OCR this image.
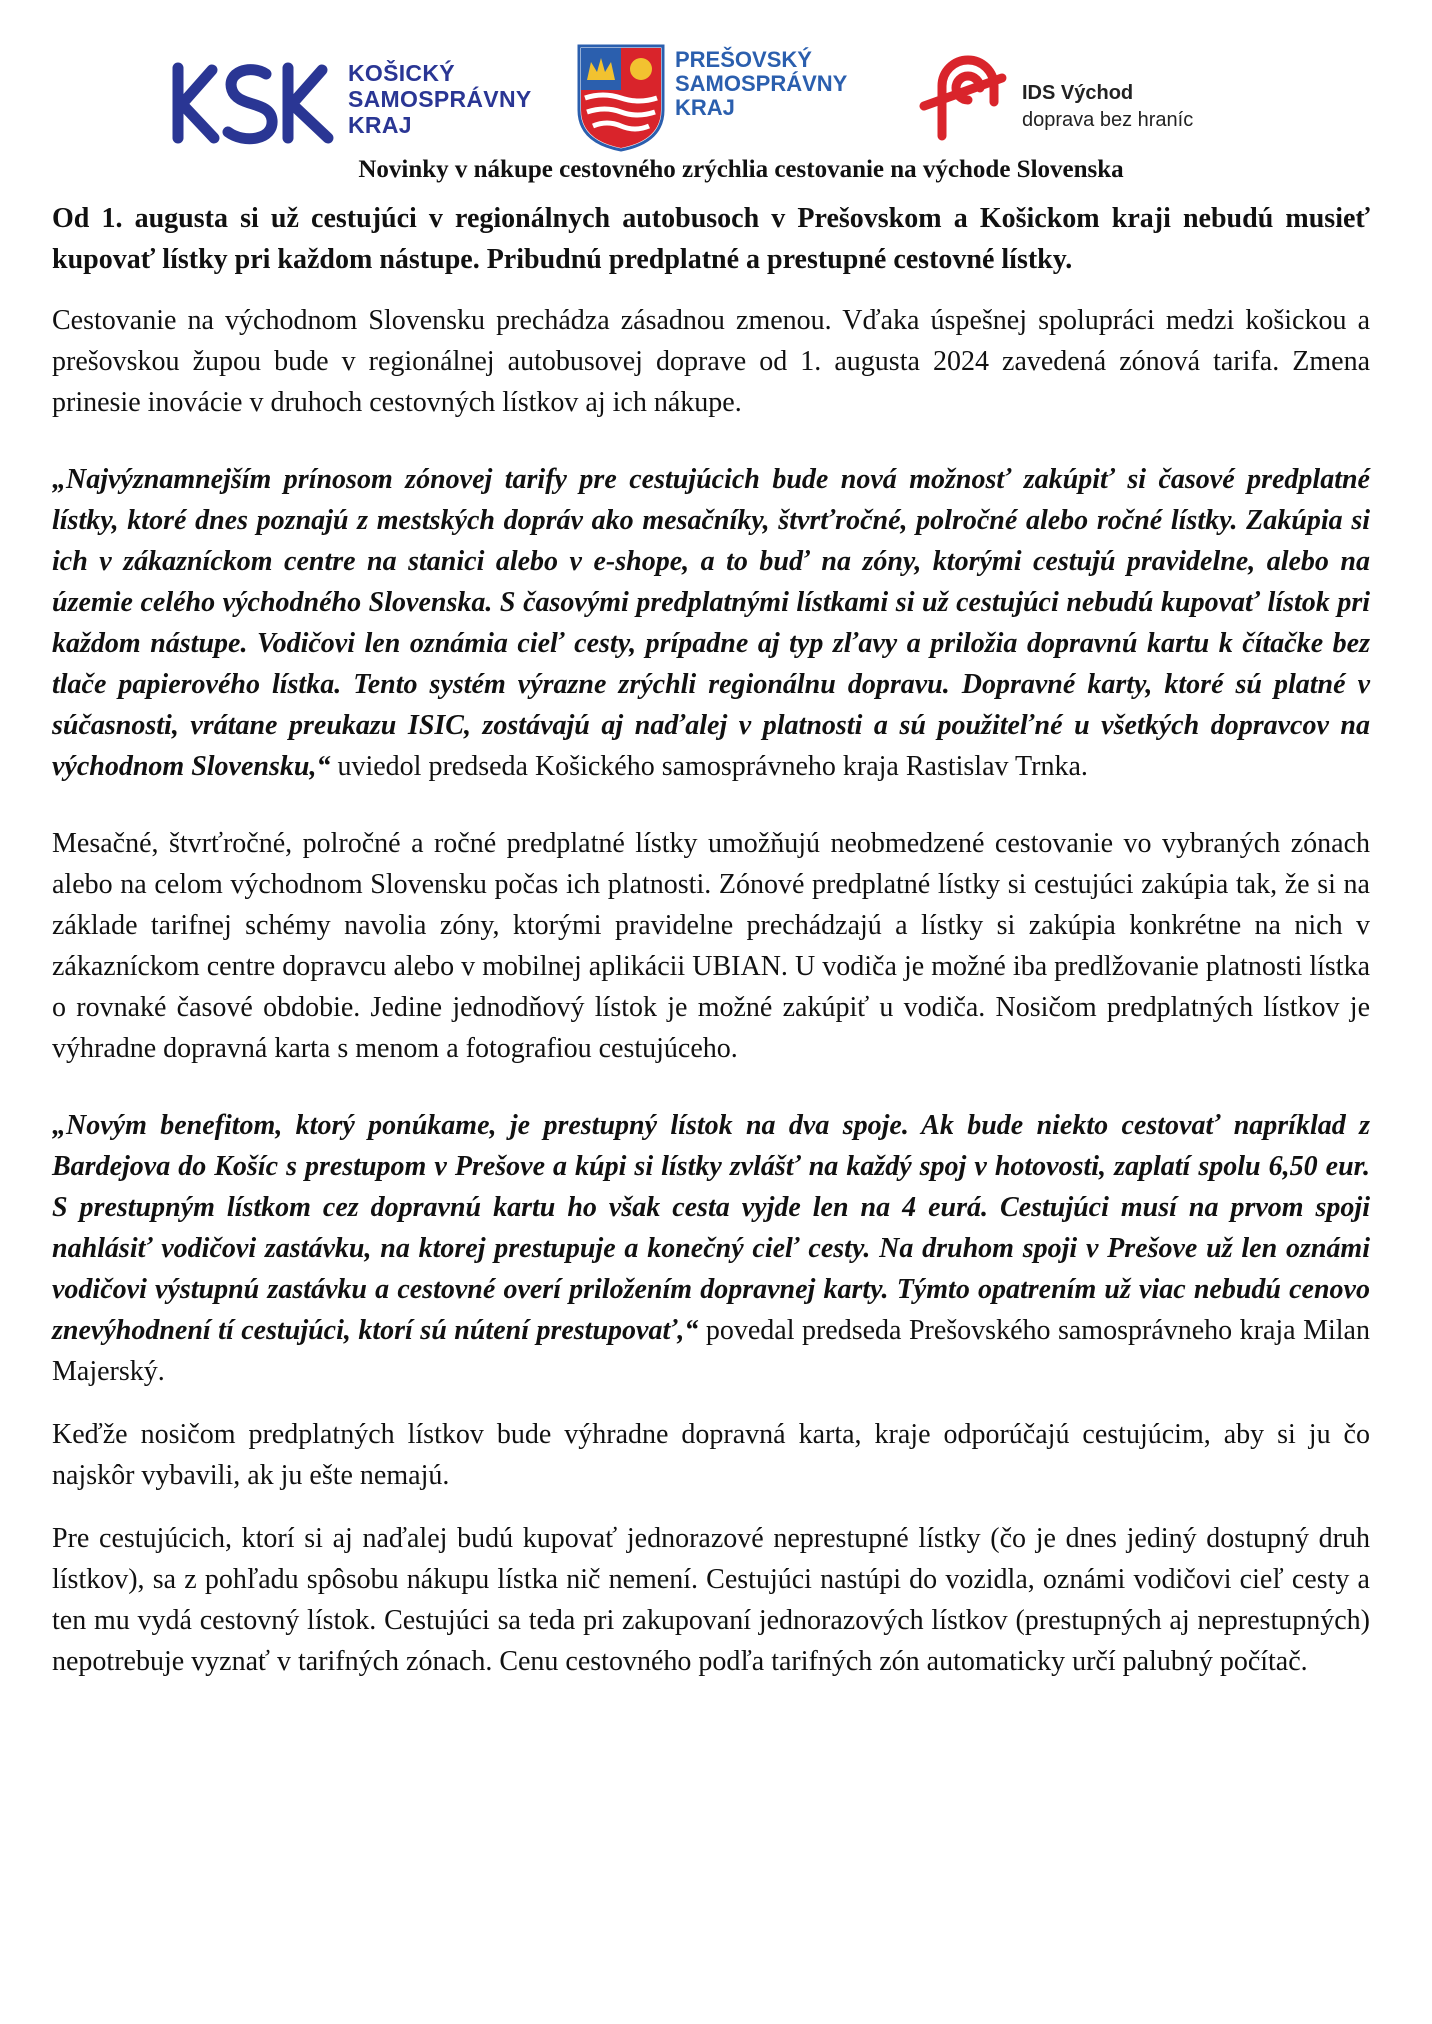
KOŠICKÝ
SAMOSPRÁVNY
KRAJ
PREŠOVSKÝ
SAMOSPRÁVNY
KRAJ
IDS Východ
doprava bez hraníc
Novinky v nákupe cestovného zrýchlia cestovanie na východe Slovenska
Od 1. augusta si už cestujúci v regionálnych autobusoch v Prešovskom a Košickom kraji nebudú musieť kupovať lístky pri každom nástupe. Pribudnú predplatné a prestupné cestovné lístky.
Cestovanie na východnom Slovensku prechádza zásadnou zmenou. Vďaka úspešnej spolupráci medzi košickou a prešovskou župou bude v regionálnej autobusovej doprave od 1. augusta 2024 zavedená zónová tarifa. Zmena prinesie inovácie v druhoch cestovných lístkov aj ich nákupe.
„Najvýznamnejším prínosom zónovej tarify pre cestujúcich bude nová možnosť zakúpiť si časové predplatné lístky, ktoré dnes poznajú z mestských dopráv ako mesačníky, štvrťročné, polročné alebo ročné lístky. Zakúpia si ich v zákazníckom centre na stanici alebo v e-shope, a to buď na zóny, ktorými cestujú pravidelne, alebo na územie celého východného Slovenska. S časovými predplatnými lístkami si už cestujúci nebudú kupovať lístok pri každom nástupe. Vodičovi len oznámia cieľ cesty, prípadne aj typ zľavy a priložia dopravnú kartu k čítačke bez tlače papierového lístka. Tento systém výrazne zrýchli regionálnu dopravu. Dopravné karty, ktoré sú platné v súčasnosti, vrátane preukazu ISIC, zostávajú aj naďalej v platnosti a sú použiteľné u všetkých dopravcov na východnom Slovensku,“ uviedol predseda Košického samosprávneho kraja Rastislav Trnka.
Mesačné, štvrťročné, polročné a ročné predplatné lístky umožňujú neobmedzené cestovanie vo vybraných zónach alebo na celom východnom Slovensku počas ich platnosti. Zónové predplatné lístky si cestujúci zakúpia tak, že si na základe tarifnej schémy navolia zóny, ktorými pravidelne prechádzajú a lístky si zakúpia konkrétne na nich v zákazníckom centre dopravcu alebo v mobilnej aplikácii UBIAN. U vodiča je možné iba predlžovanie platnosti lístka o rovnaké časové obdobie. Jedine jednodňový lístok je možné zakúpiť u vodiča. Nosičom predplatných lístkov je výhradne dopravná karta s menom a fotografiou cestujúceho.
„Novým benefitom, ktorý ponúkame, je prestupný lístok na dva spoje. Ak bude niekto cestovať napríklad z Bardejova do Košíc s prestupom v Prešove a kúpi si lístky zvlášť na každý spoj v hotovosti, zaplatí spolu 6,50 eur. S prestupným lístkom cez dopravnú kartu ho však cesta vyjde len na 4 eurá. Cestujúci musí na prvom spoji nahlásiť vodičovi zastávku, na ktorej prestupuje a konečný cieľ cesty. Na druhom spoji v Prešove už len oznámi vodičovi výstupnú zastávku a cestovné overí priložením dopravnej karty. Týmto opatrením už viac nebudú cenovo znevýhodnení tí cestujúci, ktorí sú nútení prestupovať,“ povedal predseda Prešovského samosprávneho kraja Milan Majerský.
Keďže nosičom predplatných lístkov bude výhradne dopravná karta, kraje odporúčajú cestujúcim, aby si ju čo najskôr vybavili, ak ju ešte nemajú.
Pre cestujúcich, ktorí si aj naďalej budú kupovať jednorazové neprestupné lístky (čo je dnes jediný dostupný druh lístkov), sa z pohľadu spôsobu nákupu lístka nič nemení. Cestujúci nastúpi do vozidla, oznámi vodičovi cieľ cesty a ten mu vydá cestovný lístok. Cestujúci sa teda pri zakupovaní jednorazových lístkov (prestupných aj neprestupných) nepotrebuje vyznať v tarifných zónach. Cenu cestovného podľa tarifných zón automaticky určí palubný počítač.
